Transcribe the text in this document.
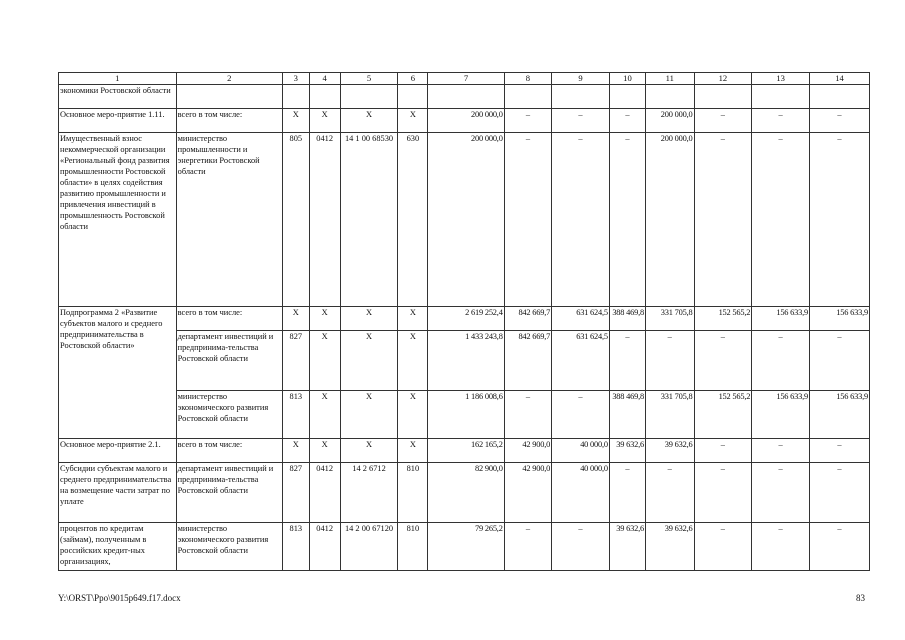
1	2	3	4	5	6	7	8	9	10	11	12	13	14
экономики Ростовской области													
Основное меро-приятие 1.11.	всего в том числе:	X	X	X	X	200 000,0	–	–	–	200 000,0	–	–	–
Имущественный взнос некоммерческой организации «Региональный фонд развития промышленности Ростовской области» в целях содействия развитию промышленности и привлечения инвестиций в промышленность Ростовской области	министерство промышленности и энергетики Ростовской области	805	0412	14 1 00 68530	630	200 000,0	–	–	–	200 000,0	–	–	–
Подпрограмма 2 «Развитие субъектов малого и среднего предпринимательства в Ростовской области»	всего в том числе:	X	X	X	X	2 619 252,4	842 669,7	631 624,5	388 469,8	331 705,8	152 565,2	156 633,9	156 633,9
	департамент инвестиций и предпринима-тельства Ростовской области	827	X	X	X	1 433 243,8	842 669,7	631 624,5	–	–	–	–	–
	министерство экономического развития Ростовской области	813	X	X	X	1 186 008,6	–	–	388 469,8	331 705,8	152 565,2	156 633,9	156 633,9
Основное меро-приятие 2.1.	всего в том числе:	X	X	X	X	162 165,2	42 900,0	40 000,0	39 632,6	39 632,6	–	–	–
Субсидии субъектам малого и среднего предпринимательства на возмещение части затрат по уплате	департамент инвестиций и предпринима-тельства Ростовской области	827	0412	14 2 6712	810	82 900,0	42 900,0	40 000,0	–	–	–	–	–
процентов по кредитам (займам), полученным в российских кредит-ных организациях,	министерство экономического развития Ростовской области	813	0412	14 2 00 67120	810	79 265,2	–	–	39 632,6	39 632,6	–	–	–
Y:\ORST\Ppo\9015p649.f17.docx	83
